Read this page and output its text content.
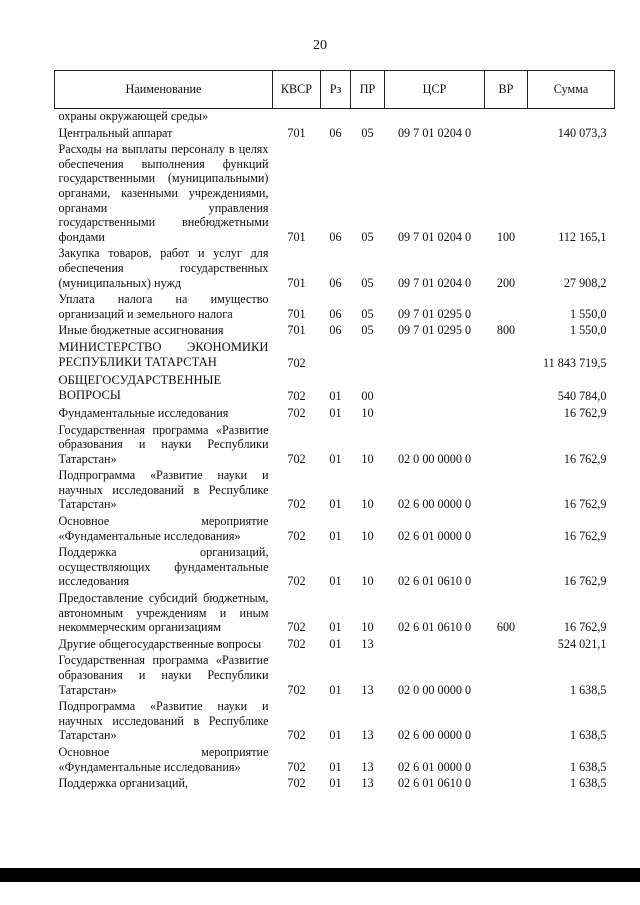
20
Наименование	КВСР	Рз	ПР	ЦСР	ВР	Сумма
охраны окружающей среды»						
Центральный аппарат	701	06	05	09 7 01 0204 0		140 073,3
Расходы на выплаты персоналу в целях обеспечения выполнения функций государственными (муниципальными) органами, казенными учреждениями, органами управления государственными внебюджетными фондами	701	06	05	09 7 01 0204 0	100	112 165,1
Закупка товаров, работ и услуг для обеспечения государственных (муниципальных) нужд	701	06	05	09 7 01 0204 0	200	27 908,2
Уплата налога на имущество организаций и земельного налога	701	06	05	09 7 01 0295 0		1 550,0
Иные бюджетные ассигнования	701	06	05	09 7 01 0295 0	800	1 550,0
МИНИСТЕРСТВО ЭКОНОМИКИ РЕСПУБЛИКИ ТАТАРСТАН	702					11 843 719,5
ОБЩЕГОСУДАРСТВЕННЫЕ ВОПРОСЫ	702	01	00			540 784,0
Фундаментальные исследования	702	01	10			16 762,9
Государственная программа «Развитие образования и науки Республики Татарстан»	702	01	10	02 0 00 0000 0		16 762,9
Подпрограмма «Развитие науки и научных исследований в Республике Татарстан»	702	01	10	02 6 00 0000 0		16 762,9
Основное мероприятие «Фундаментальные исследования»	702	01	10	02 6 01 0000 0		16 762,9
Поддержка организаций, осуществляющих фундаментальные исследования	702	01	10	02 6 01 0610 0		16 762,9
Предоставление субсидий бюджетным, автономным учреждениям и иным некоммерческим организациям	702	01	10	02 6 01 0610 0	600	16 762,9
Другие общегосударственные вопросы	702	01	13			524 021,1
Государственная программа «Развитие образования и науки Республики Татарстан»	702	01	13	02 0 00 0000 0		1 638,5
Подпрограмма «Развитие науки и научных исследований в Республике Татарстан»	702	01	13	02 6 00 0000 0		1 638,5
Основное мероприятие «Фундаментальные исследования»	702	01	13	02 6 01 0000 0		1 638,5
Поддержка организаций,	702	01	13	02 6 01 0610 0		1 638,5
